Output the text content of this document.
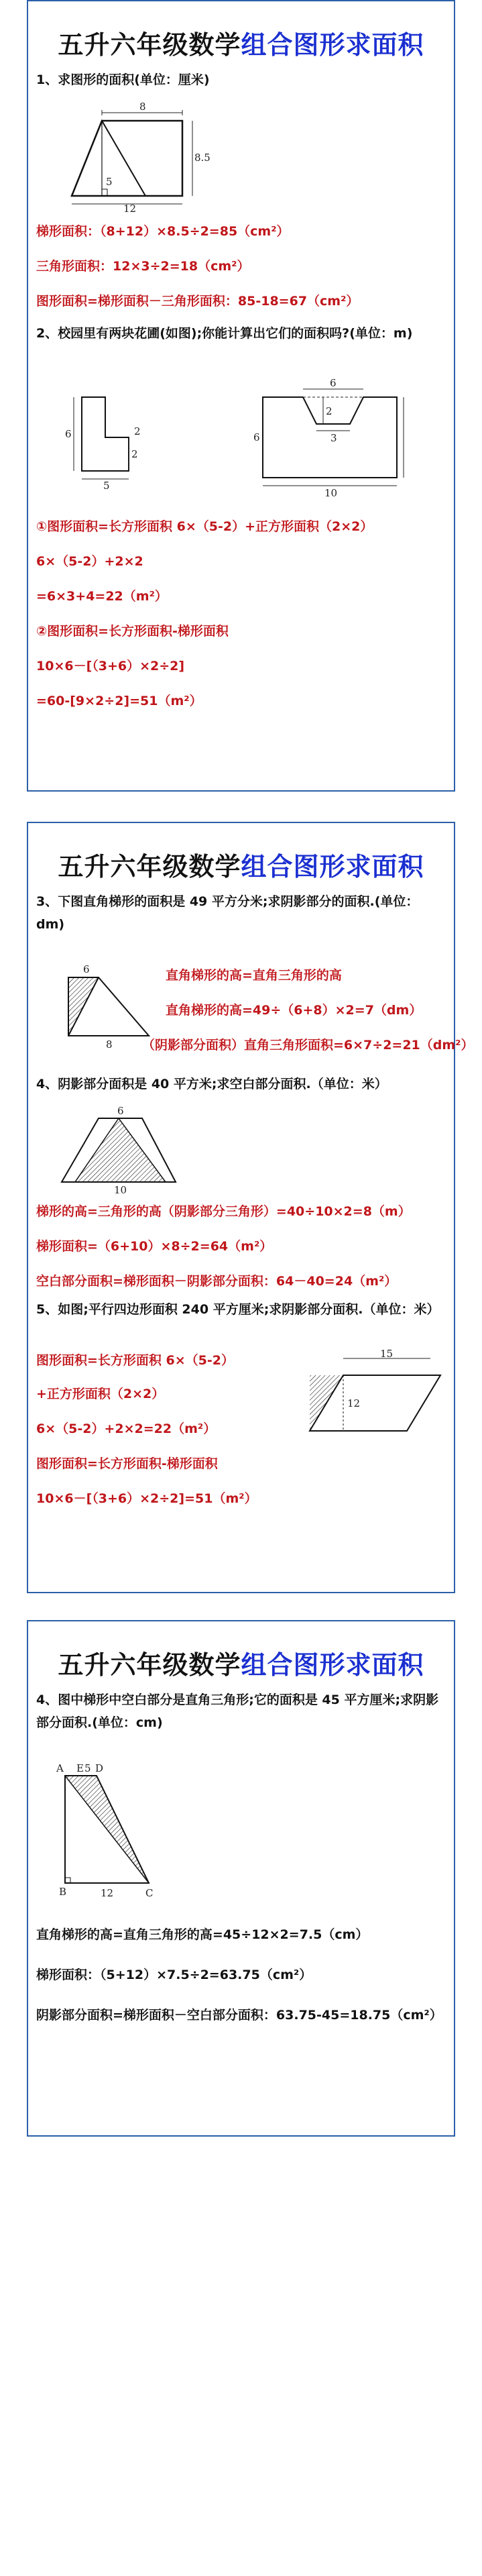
五升六年级数学组合图形求面积
1、求图形的面积(单位：厘米)
8
8.5
12
5
梯形面积：（8+12）×8.5÷2=85（cm²）
三角形面积：12×3÷2=18（cm²）
图形面积=梯形面积－三角形面积：85-18=67（cm²）
2、校园里有两块花圃(如图);你能计算出它们的面积吗?(单位：m)
2
2
6
5
6
2
3
6
10
①图形面积=长方形面积 6×（5-2）+正方形面积（2×2）
6×（5-2）+2×2
=6×3+4=22（m²）
②图形面积=长方形面积-梯形面积
10×6－[（3+6）×2÷2]
=60-[9×2÷2]=51（m²）
五升六年级数学组合图形求面积
3、下图直角梯形的面积是 49 平方分米;求阴影部分的面积.(单位：dm)
6
8
直角梯形的高=直角三角形的高
直角梯形的高=49÷（6+8）×2=7（dm）
（阴影部分面积）直角三角形面积=6×7÷2=21（dm²）
4、阴影部分面积是 40 平方米;求空白部分面积.（单位：米）
6
10
梯形的高=三角形的高（阴影部分三角形）=40÷10×2=8（m）
梯形面积=（6+10）×8÷2=64（m²）
空白部分面积=梯形面积－阴影部分面积：64－40=24（m²）
5、如图;平行四边形面积 240 平方厘米;求阴影部分面积.（单位：米）
图形面积=长方形面积 6×（5-2）
+正方形面积（2×2）
6×（5-2）+2×2=22（m²）
图形面积=长方形面积-梯形面积
10×6－[（3+6）×2÷2]=51（m²）
15
12
五升六年级数学组合图形求面积
4、图中梯形中空白部分是直角三角形;它的面积是 45 平方厘米;求阴影部分面积.(单位：cm)
A E D
5
B	12	C
直角梯形的高=直角三角形的高=45÷12×2=7.5（cm）
梯形面积：（5+12）×7.5÷2=63.75（cm²）
阴影部分面积=梯形面积－空白部分面积：63.75-45=18.75（cm²）
